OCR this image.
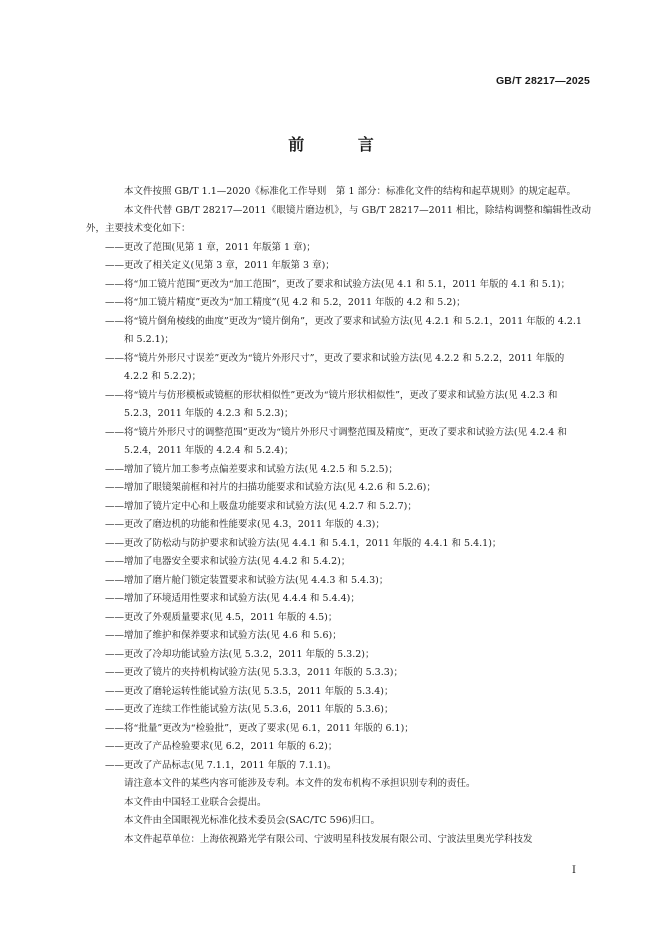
GB/T 28217—2025
前 言

本文件按照 GB/T 1.1—2020《标准化工作导则　第 1 部分：标准化文件的结构和起草规则》的规定起草。

本文件代替 GB/T 28217—2011《眼镜片磨边机》，与 GB/T 28217—2011 相比，除结构调整和编辑性改动外，主要技术变化如下：

—— 更改了范围(见第 1 章，2011 年版第 1 章)；
—— 更改了相关定义(见第 3 章，2011 年版第 3 章)；
—— 将“加工镜片范围”更改为“加工范围”，更改了要求和试验方法(见 4.1 和 5.1，2011 年版的 4.1 和 5.1)；
—— 将“加工镜片精度”更改为“加工精度”(见 4.2 和 5.2，2011 年版的 4.2 和 5.2)；
—— 将“镜片倒角棱线的曲度”更改为“镜片倒角”，更改了要求和试验方法(见 4.2.1 和 5.2.1，2011 年版的 4.2.1 和 5.2.1)；
—— 将“镜片外形尺寸误差”更改为“镜片外形尺寸”，更改了要求和试验方法(见 4.2.2 和 5.2.2，2011 年版的 4.2.2 和 5.2.2)；
—— 将“镜片与仿形模板或镜框的形状相似性”更改为“镜片形状相似性”，更改了要求和试验方法(见 4.2.3 和 5.2.3，2011 年版的 4.2.3 和 5.2.3)；
—— 将“镜片外形尺寸的调整范围”更改为“镜片外形尺寸调整范围及精度”，更改了要求和试验方法(见 4.2.4 和 5.2.4，2011 年版的 4.2.4 和 5.2.4)；
—— 增加了镜片加工参考点偏差要求和试验方法(见 4.2.5 和 5.2.5)；
—— 增加了眼镜架前框和衬片的扫描功能要求和试验方法(见 4.2.6 和 5.2.6)；
—— 增加了镜片定中心和上吸盘功能要求和试验方法(见 4.2.7 和 5.2.7)；
—— 更改了磨边机的功能和性能要求(见 4.3，2011 年版的 4.3)；
—— 更改了防松动与防护要求和试验方法(见 4.4.1 和 5.4.1，2011 年版的 4.4.1 和 5.4.1)；
—— 增加了电器安全要求和试验方法(见 4.4.2 和 5.4.2)；
—— 增加了磨片舱门锁定装置要求和试验方法(见 4.4.3 和 5.4.3)；
—— 增加了环境适用性要求和试验方法(见 4.4.4 和 5.4.4)；
—— 更改了外观质量要求(见 4.5，2011 年版的 4.5)；
—— 增加了维护和保养要求和试验方法(见 4.6 和 5.6)；
—— 更改了冷却功能试验方法(见 5.3.2，2011 年版的 5.3.2)；
—— 更改了镜片的夹持机构试验方法(见 5.3.3，2011 年版的 5.3.3)；
—— 更改了磨轮运转性能试验方法(见 5.3.5，2011 年版的 5.3.4)；
—— 更改了连续工作性能试验方法(见 5.3.6，2011 年版的 5.3.6)；
—— 将“批量”更改为“检验批”，更改了要求(见 6.1，2011 年版的 6.1)；
—— 更改了产品检验要求(见 6.2，2011 年版的 6.2)；
—— 更改了产品标志(见 7.1.1，2011 年版的 7.1.1)。

请注意本文件的某些内容可能涉及专利。本文件的发布机构不承担识别专利的责任。

本文件由中国轻工业联合会提出。

本文件由全国眼视光标准化技术委员会(SAC/TC 596)归口。

本文件起草单位：上海依视路光学有限公司、宁波明星科技发展有限公司、宁波法里奥光学科技发

I
